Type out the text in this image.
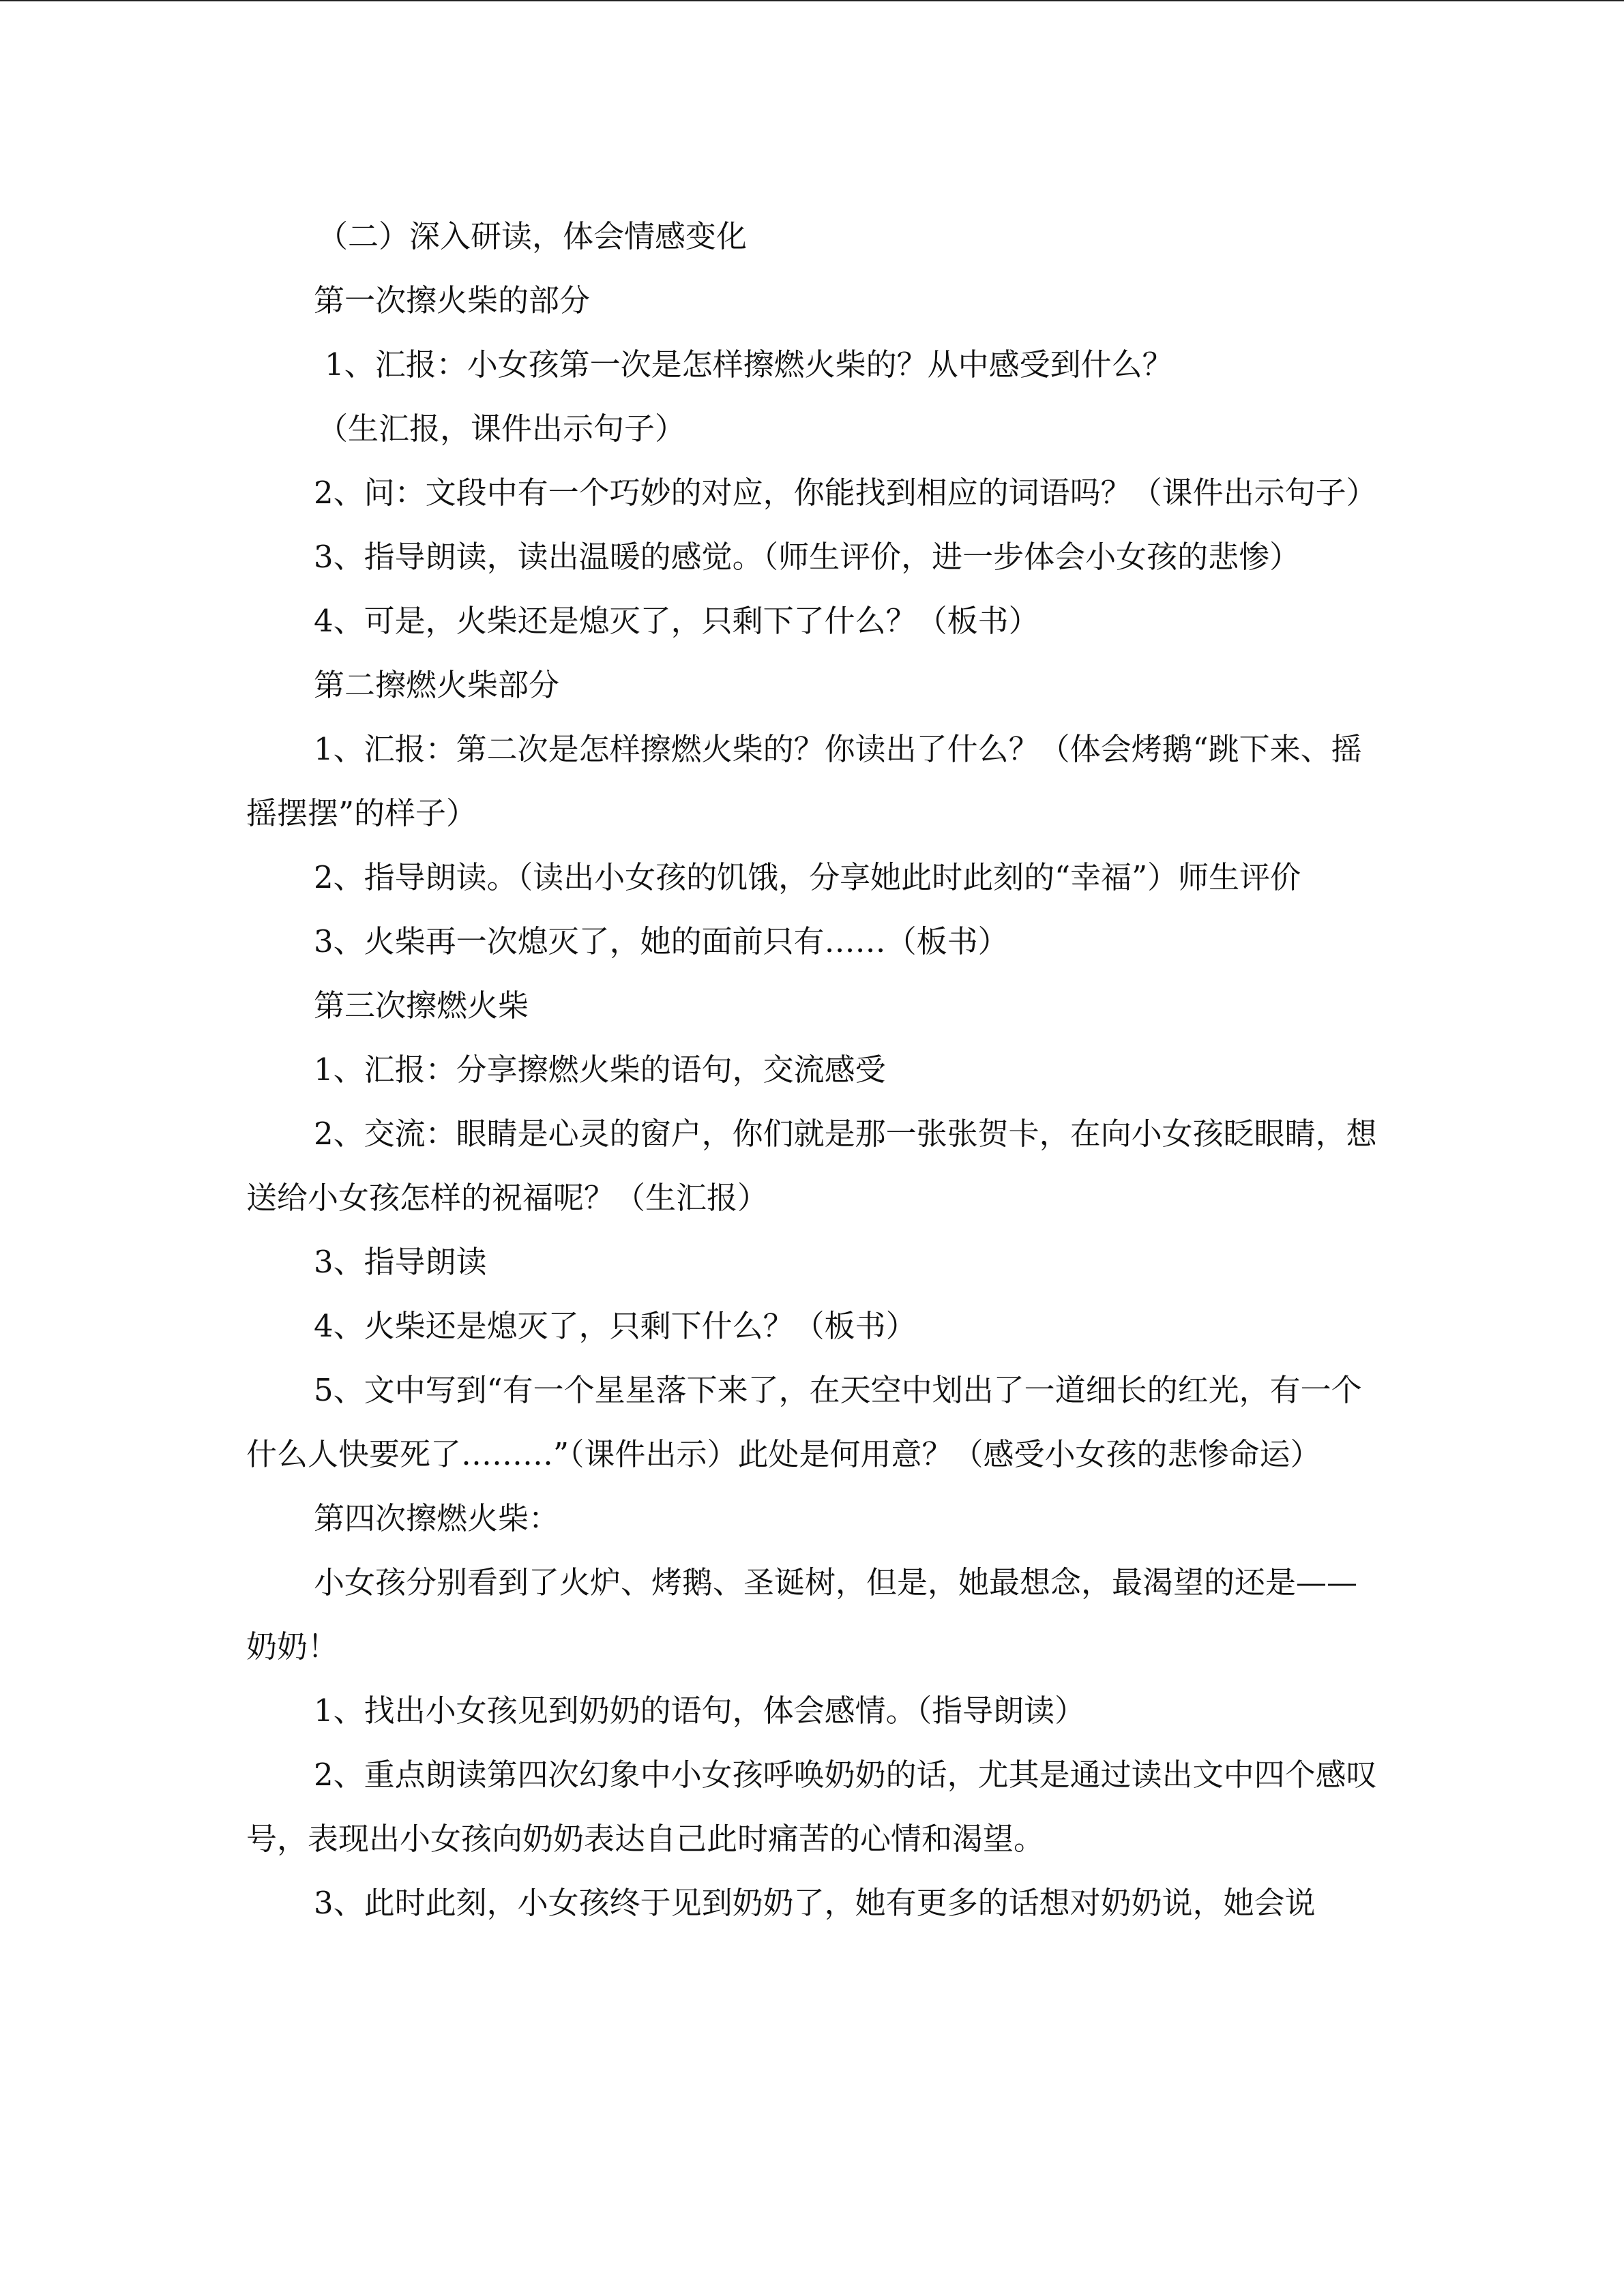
（二）深入研读，体会情感变化

第一次擦火柴的部分

1、汇报：小女孩第一次是怎样擦燃火柴的？从中感受到什么？

（生汇报，课件出示句子）

2、问：文段中有一个巧妙的对应，你能找到相应的词语吗？（课件出示句子）

3、指导朗读，读出温暖的感觉。（师生评价，进一步体会小女孩的悲惨）

4、可是，火柴还是熄灭了，只剩下了什么？（板书）

第二擦燃火柴部分

1、汇报：第二次是怎样擦燃火柴的？你读出了什么？（体会烤鹅“跳下来、摇摇摆摆”的样子）

2、指导朗读。（读出小女孩的饥饿，分享她此时此刻的“幸福”）师生评价

3、火柴再一次熄灭了，她的面前只有……（板书）

第三次擦燃火柴

1、汇报：分享擦燃火柴的语句，交流感受

2、交流：眼睛是心灵的窗户，你们就是那一张张贺卡，在向小女孩眨眼睛，想送给小女孩怎样的祝福呢？（生汇报）

3、指导朗读

4、火柴还是熄灭了，只剩下什么？（板书）

5、文中写到“有一个星星落下来了，在天空中划出了一道细长的红光，有一个什么人快要死了………”（课件出示）此处是何用意？（感受小女孩的悲惨命运）

第四次擦燃火柴：

小女孩分别看到了火炉、烤鹅、圣诞树，但是，她最想念，最渴望的还是——奶奶！

1、找出小女孩见到奶奶的语句，体会感情。（指导朗读）

2、重点朗读第四次幻象中小女孩呼唤奶奶的话，尤其是通过读出文中四个感叹号，表现出小女孩向奶奶表达自己此时痛苦的心情和渴望。

3、此时此刻，小女孩终于见到奶奶了，她有更多的话想对奶奶说，她会说
